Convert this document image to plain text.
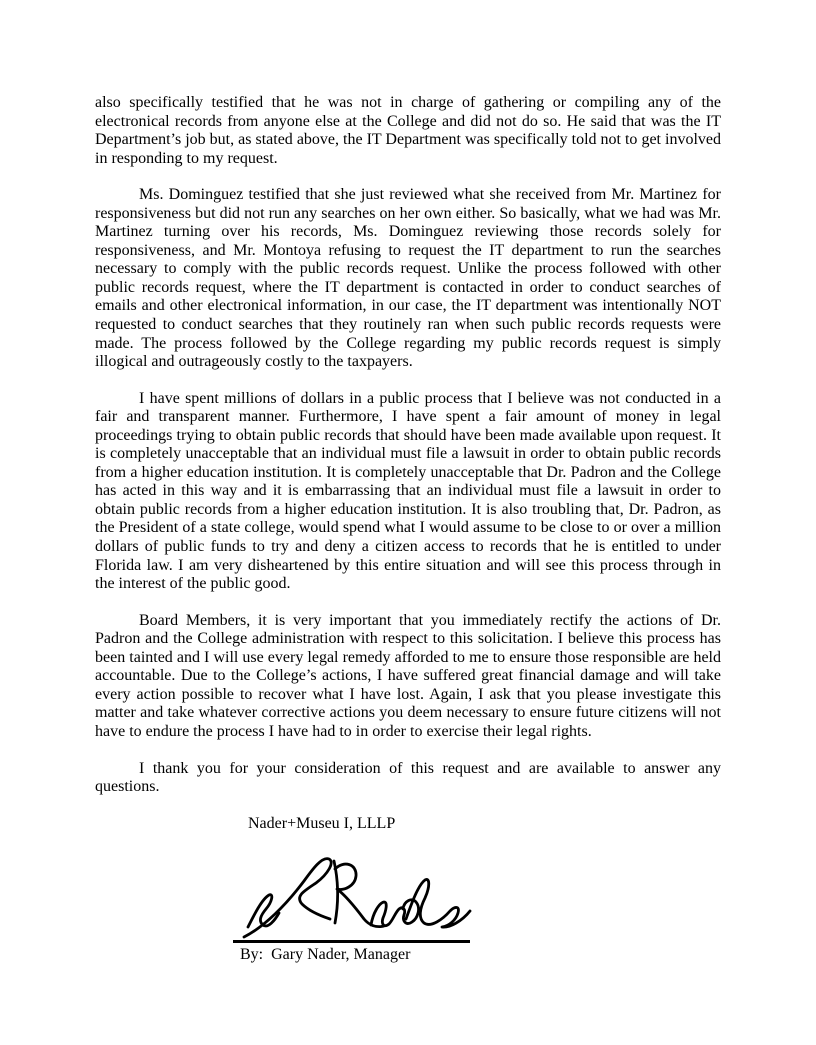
also specifically testified that he was not in charge of gathering or compiling any of the electronical records from anyone else at the College and did not do so. He said that was the IT Department’s job but, as stated above, the IT Department was specifically told not to get involved in responding to my request.

Ms. Dominguez testified that she just reviewed what she received from Mr. Martinez for responsiveness but did not run any searches on her own either. So basically, what we had was Mr. Martinez turning over his records, Ms. Dominguez reviewing those records solely for responsiveness, and Mr. Montoya refusing to request the IT department to run the searches necessary to comply with the public records request. Unlike the process followed with other public records request, where the IT department is contacted in order to conduct searches of emails and other electronical information, in our case, the IT department was intentionally NOT requested to conduct searches that they routinely ran when such public records requests were made. The process followed by the College regarding my public records request is simply illogical and outrageously costly to the taxpayers.

I have spent millions of dollars in a public process that I believe was not conducted in a fair and transparent manner. Furthermore, I have spent a fair amount of money in legal proceedings trying to obtain public records that should have been made available upon request. It is completely unacceptable that an individual must file a lawsuit in order to obtain public records from a higher education institution. It is completely unacceptable that Dr. Padron and the College has acted in this way and it is embarrassing that an individual must file a lawsuit in order to obtain public records from a higher education institution. It is also troubling that, Dr. Padron, as the President of a state college, would spend what I would assume to be close to or over a million dollars of public funds to try and deny a citizen access to records that he is entitled to under Florida law. I am very disheartened by this entire situation and will see this process through in the interest of the public good.

Board Members, it is very important that you immediately rectify the actions of Dr. Padron and the College administration with respect to this solicitation. I believe this process has been tainted and I will use every legal remedy afforded to me to ensure those responsible are held accountable. Due to the College’s actions, I have suffered great financial damage and will take every action possible to recover what I have lost. Again, I ask that you please investigate this matter and take whatever corrective actions you deem necessary to ensure future citizens will not have to endure the process I have had to in order to exercise their legal rights.

I thank you for your consideration of this request and are available to answer any questions.

Nader+Museu I, LLLP

By:  Gary Nader, Manager
